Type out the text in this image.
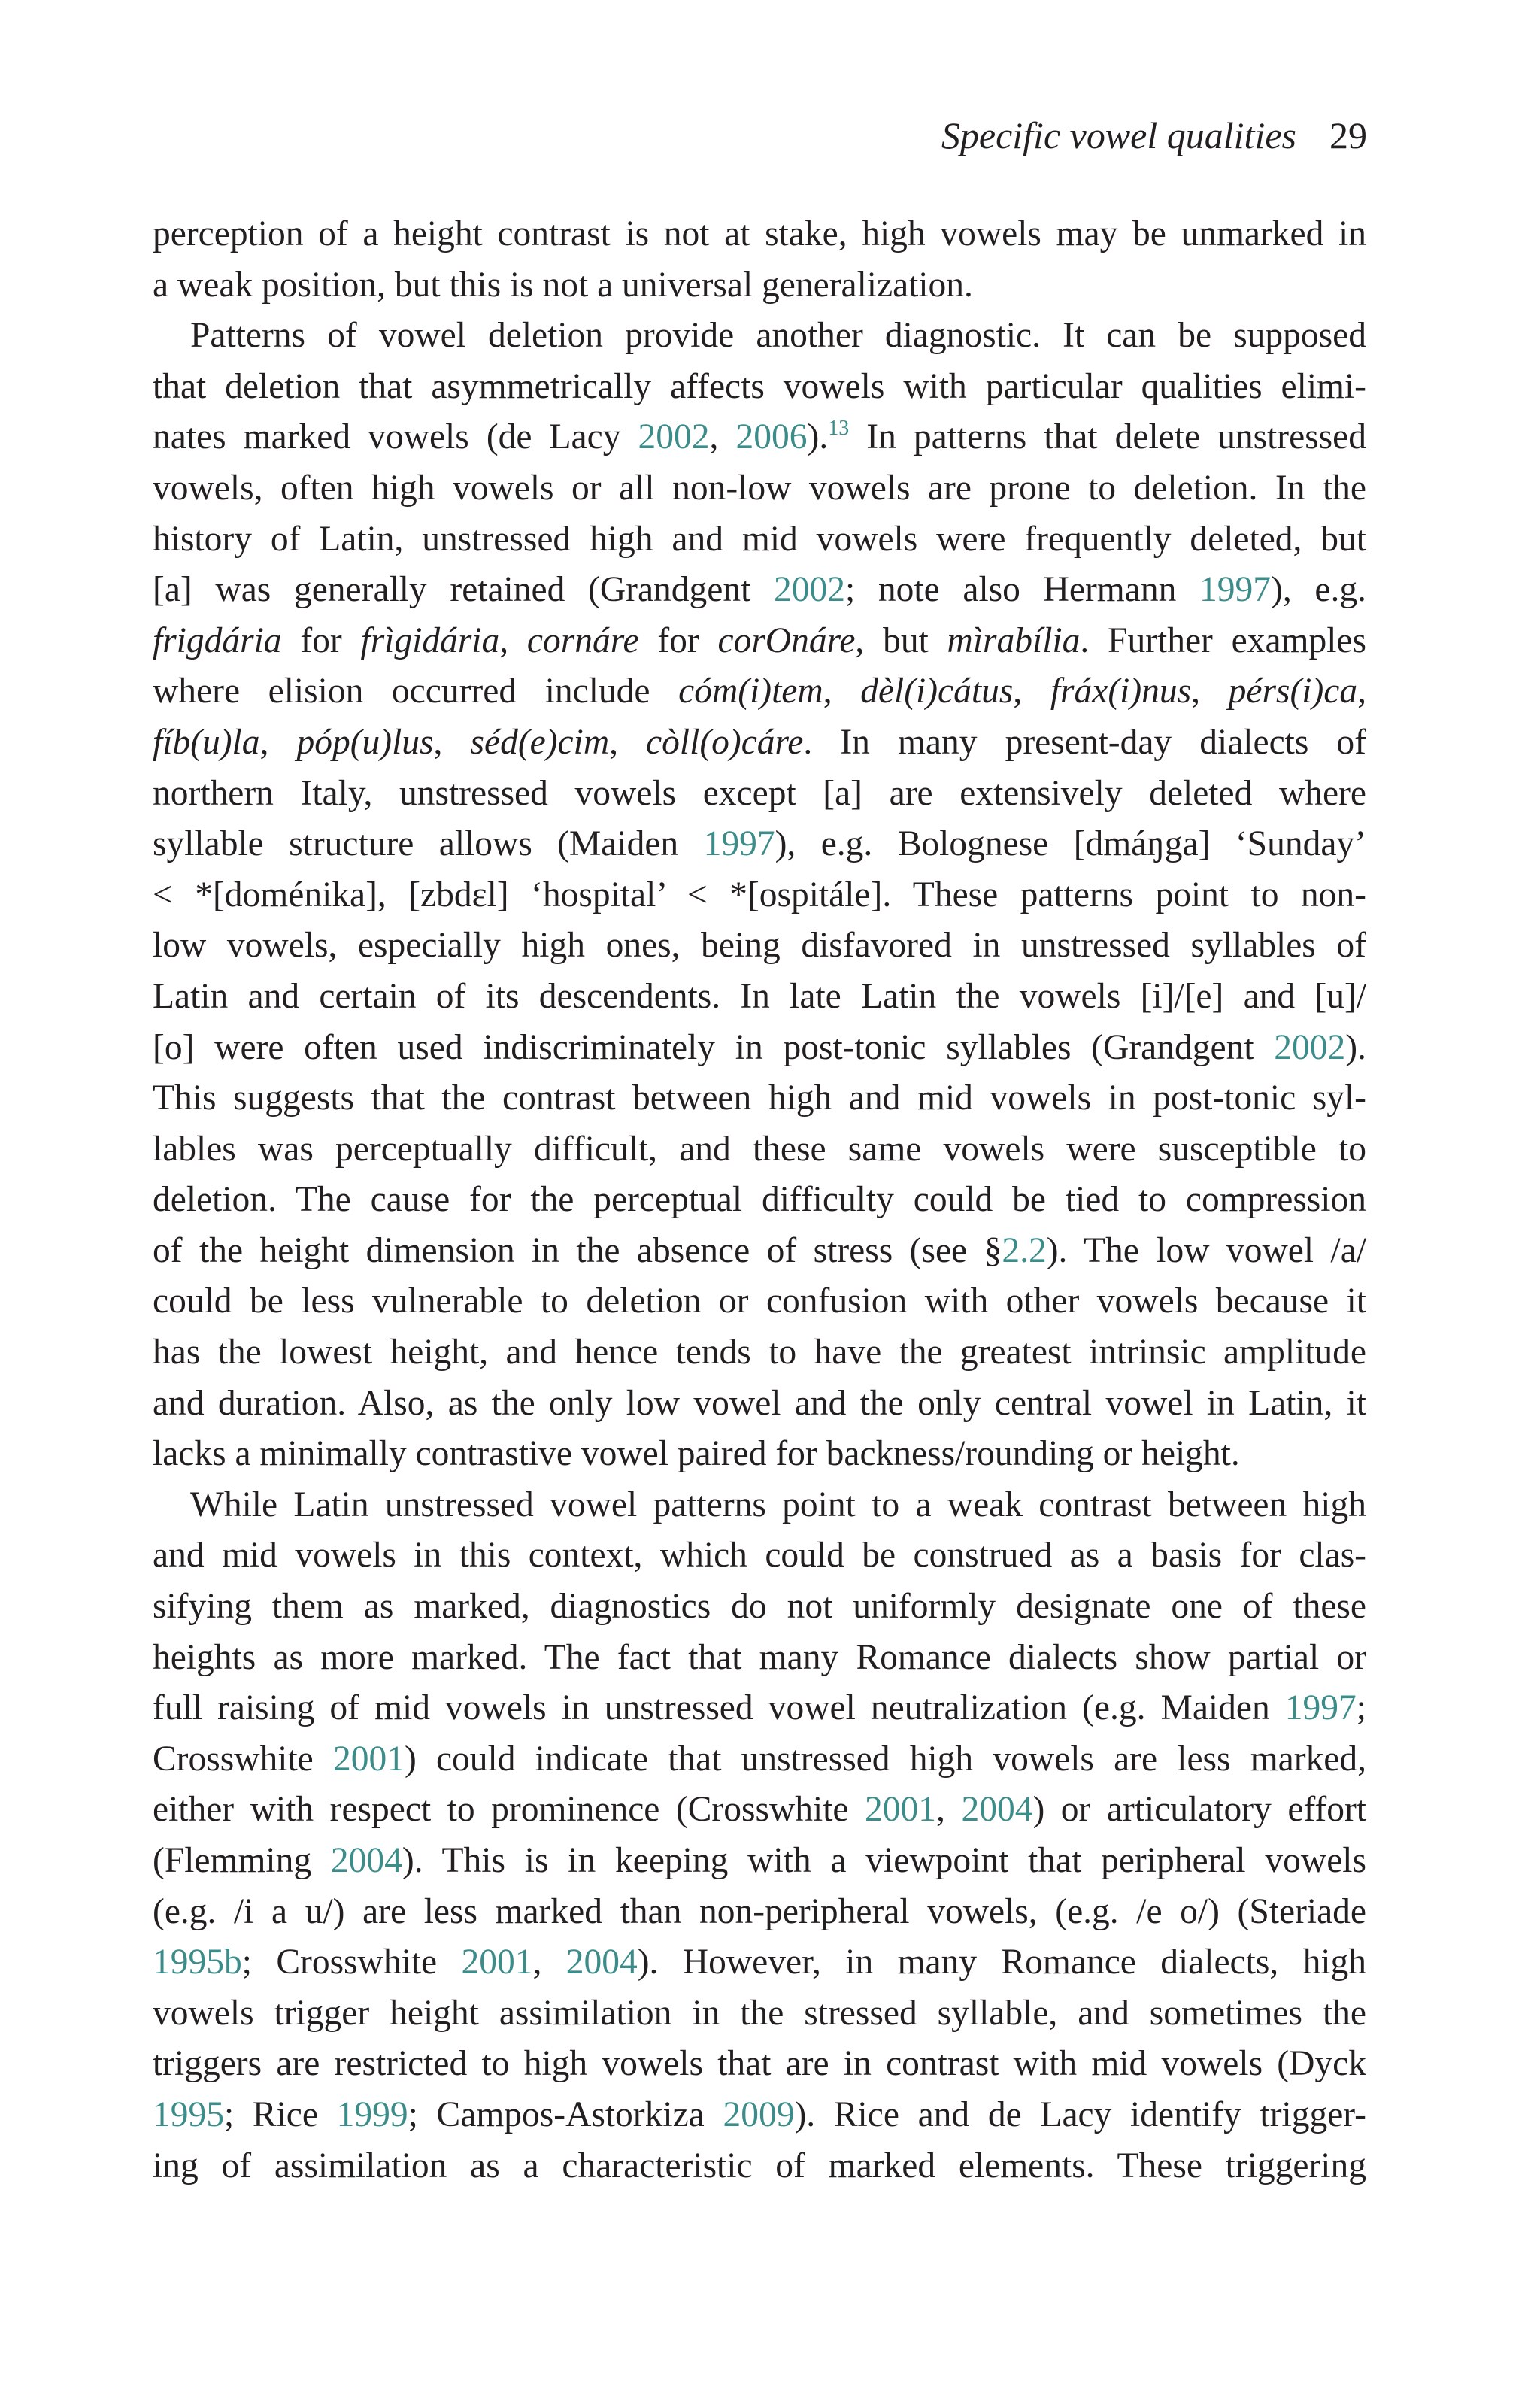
Specific vowel qualities 29
perception of a height contrast is not at stake, high vowels may be unmarked in
a weak position, but this is not a universal generalization.
Patterns of vowel deletion provide another diagnostic. It can be supposed
that deletion that asymmetrically affects vowels with particular qualities elimi-
nates marked vowels (de Lacy 2002, 2006).$^{13}$ In patterns that delete unstressed
vowels, often high vowels or all non-low vowels are prone to deletion. In the
history of Latin, unstressed high and mid vowels were frequently deleted, but
[a] was generally retained (Grandgent 2002; note also Hermann 1997), e.g.
frigdária for frìgidária, cornáre for corOnáre, but mìrabília. Further examples
where elision occurred include cóm(i)tem, dèl(i)cátus, fráx(i)nus, pérs(i)ca,
fíb(u)la, póp(u)lus, séd(e)cim, còll(o)cáre. In many present-day dialects of
northern Italy, unstressed vowels except [a] are extensively deleted where
syllable structure allows (Maiden 1997), e.g. Bolognese [dmáŋga] ‘Sunday’
< *[doménika], [zbdɛl] ‘hospital’ < *[ospitále]. These patterns point to non-
low vowels, especially high ones, being disfavored in unstressed syllables of
Latin and certain of its descendents. In late Latin the vowels [i]/[e] and [u]/
[o] were often used indiscriminately in post-tonic syllables (Grandgent 2002).
This suggests that the contrast between high and mid vowels in post-tonic syl-
lables was perceptually difficult, and these same vowels were susceptible to
deletion. The cause for the perceptual difficulty could be tied to compression
of the height dimension in the absence of stress (see §2.2). The low vowel /a/
could be less vulnerable to deletion or confusion with other vowels because it
has the lowest height, and hence tends to have the greatest intrinsic amplitude
and duration. Also, as the only low vowel and the only central vowel in Latin, it
lacks a minimally contrastive vowel paired for backness/rounding or height.
While Latin unstressed vowel patterns point to a weak contrast between high
and mid vowels in this context, which could be construed as a basis for clas-
sifying them as marked, diagnostics do not uniformly designate one of these
heights as more marked. The fact that many Romance dialects show partial or
full raising of mid vowels in unstressed vowel neutralization (e.g. Maiden 1997;
Crosswhite 2001) could indicate that unstressed high vowels are less marked,
either with respect to prominence (Crosswhite 2001, 2004) or articulatory effort
(Flemming 2004). This is in keeping with a viewpoint that peripheral vowels
(e.g. /i a u/) are less marked than non-peripheral vowels, (e.g. /e o/) (Steriade
1995b; Crosswhite 2001, 2004). However, in many Romance dialects, high
vowels trigger height assimilation in the stressed syllable, and sometimes the
triggers are restricted to high vowels that are in contrast with mid vowels (Dyck
1995; Rice 1999; Campos-Astorkiza 2009). Rice and de Lacy identify trigger-
ing of assimilation as a characteristic of marked elements. These triggering
